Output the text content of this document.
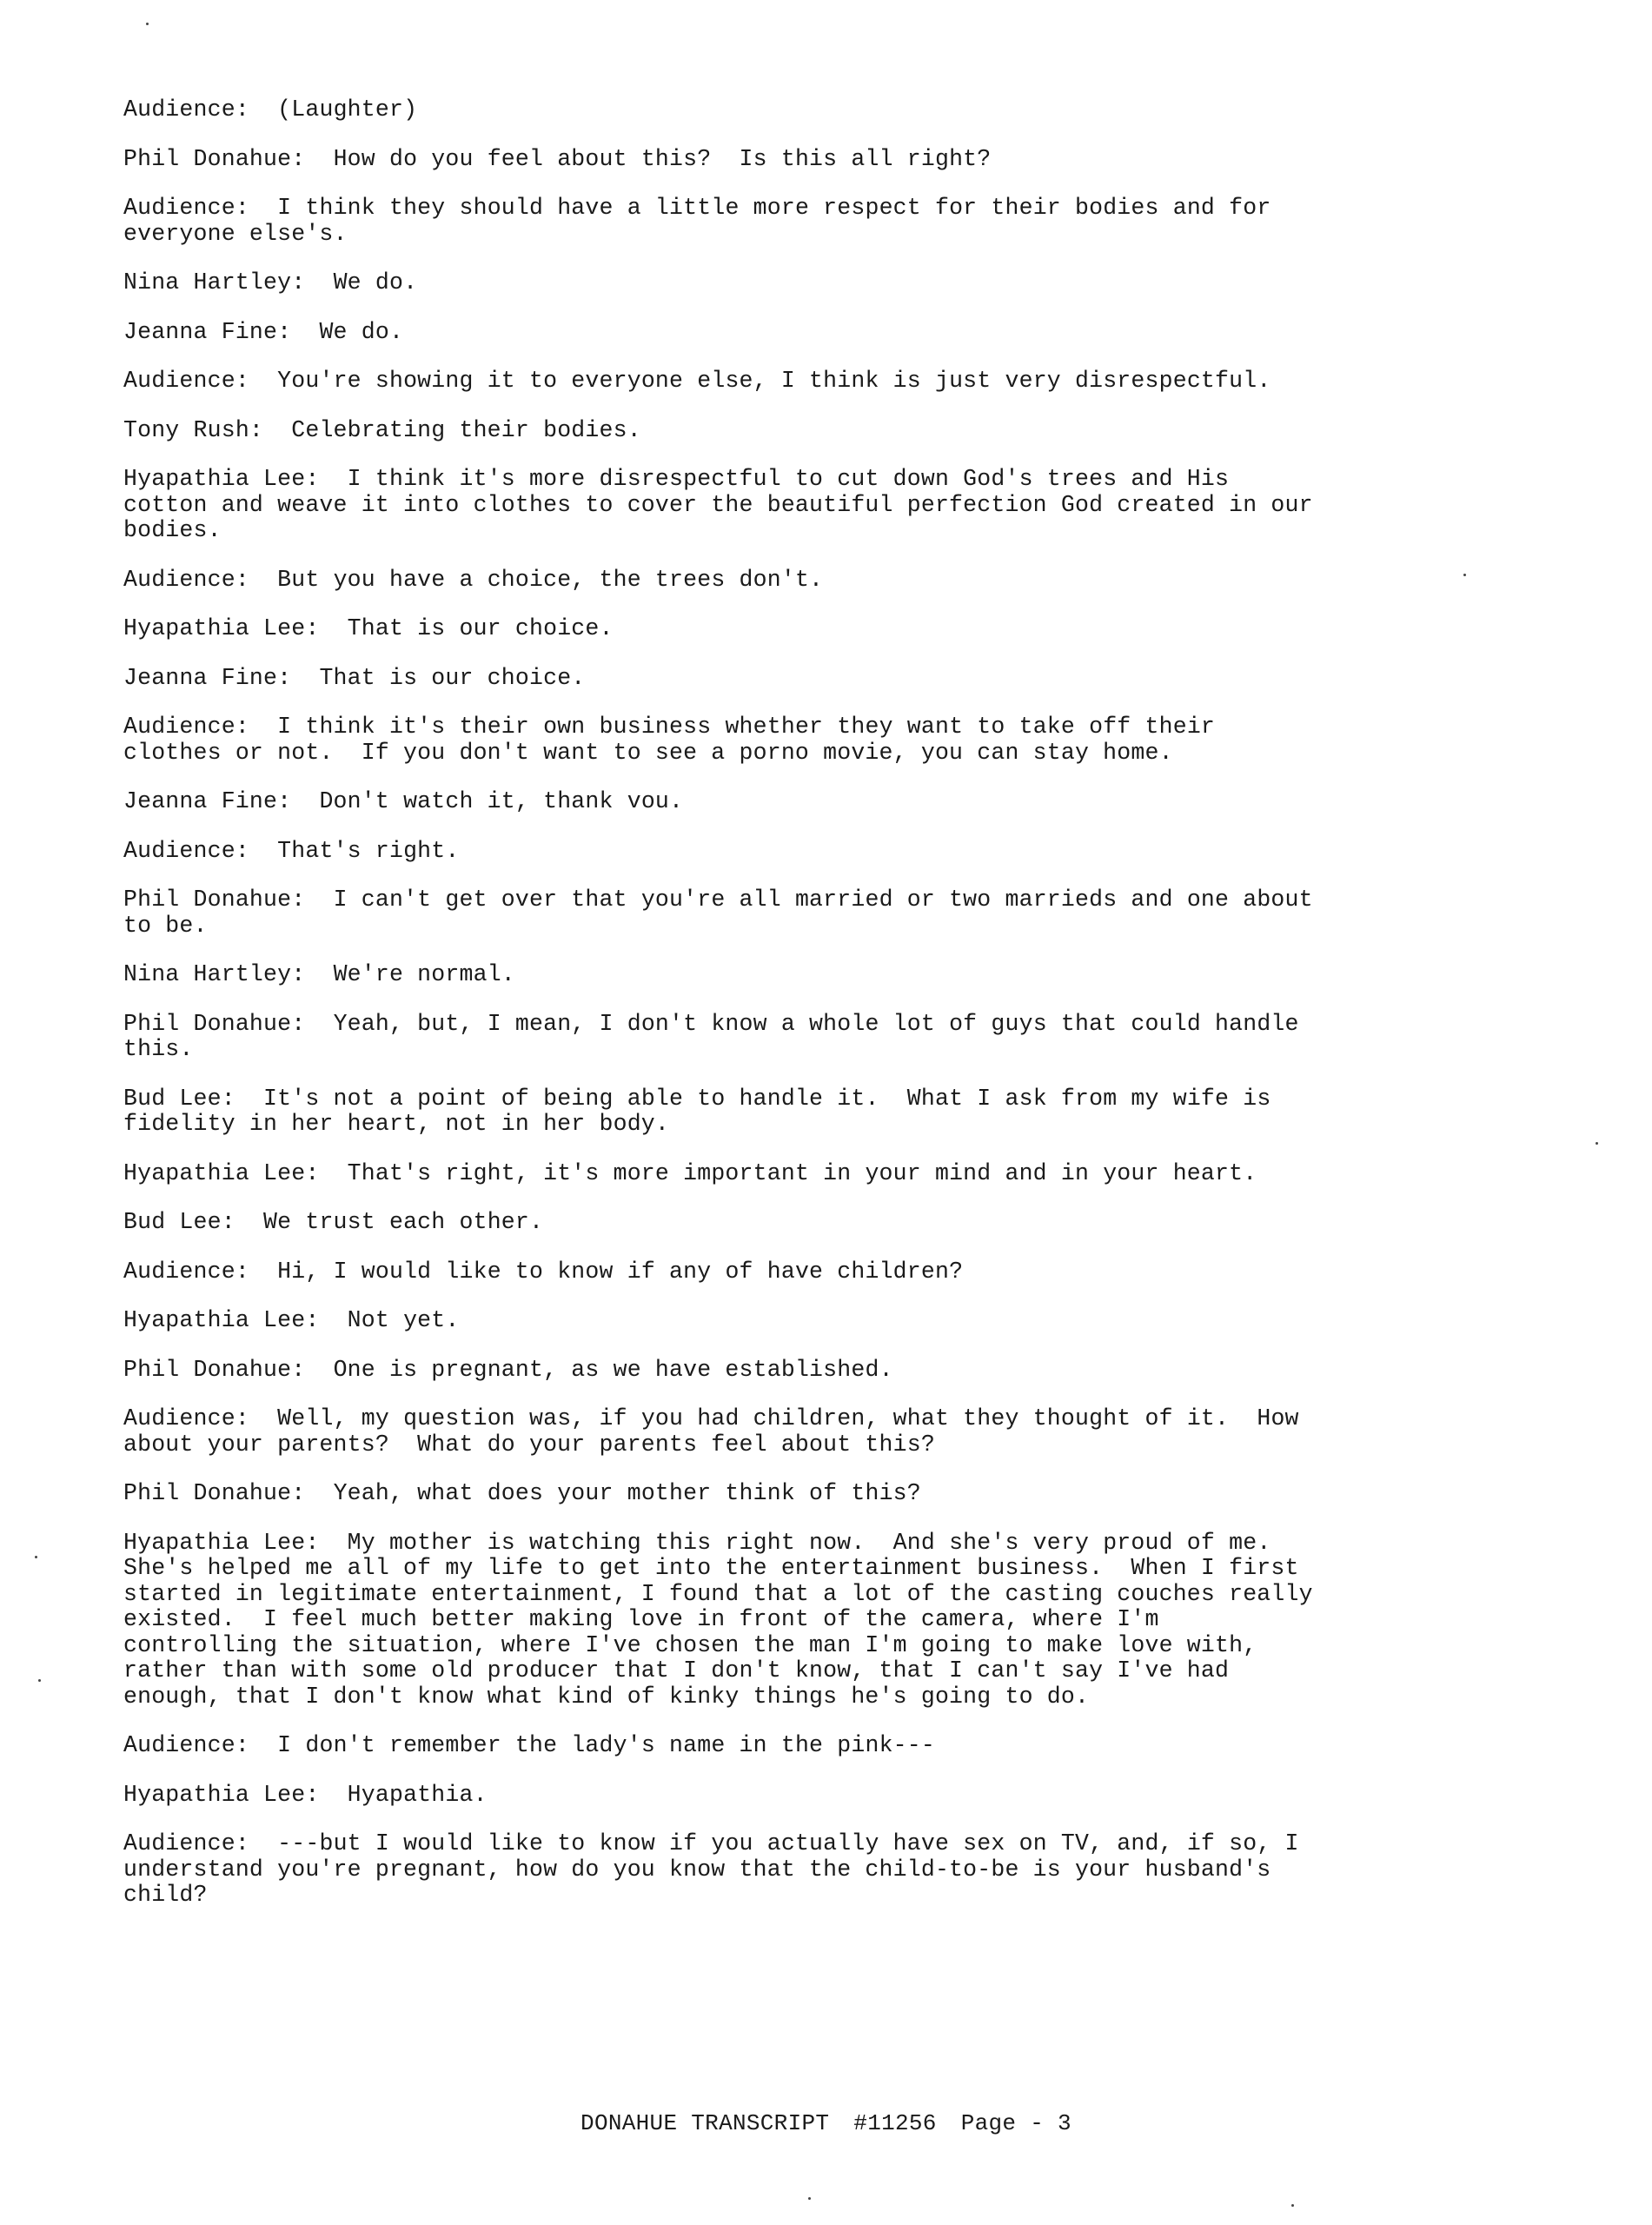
Audience: (Laughter)
Phil Donahue: How do you feel about this?  Is this all right?
Audience: I think they should have a little more respect for their bodies and for
everyone else's.
Nina Hartley: We do.
Jeanna Fine: We do.
Audience: You're showing it to everyone else, I think is just very disrespectful.
Tony Rush: Celebrating their bodies.
Hyapathia Lee: I think it's more disrespectful to cut down God's trees and His
cotton and weave it into clothes to cover the beautiful perfection God created in our
bodies.
Audience: But you have a choice, the trees don't.
Hyapathia Lee: That is our choice.
Jeanna Fine: That is our choice.
Audience: I think it's their own business whether they want to take off their
clothes or not.  If you don't want to see a porno movie, you can stay home.
Jeanna Fine: Don't watch it, thank vou.
Audience: That's right.
Phil Donahue: I can't get over that you're all married or two marrieds and one about
to be.
Nina Hartley: We're normal.
Phil Donahue: Yeah, but, I mean, I don't know a whole lot of guys that could handle
this.
Bud Lee: It's not a point of being able to handle it.  What I ask from my wife is
fidelity in her heart, not in her body.
Hyapathia Lee: That's right, it's more important in your mind and in your heart.
Bud Lee: We trust each other.
Audience: Hi, I would like to know if any of have children?
Hyapathia Lee: Not yet.
Phil Donahue: One is pregnant, as we have established.
Audience: Well, my question was, if you had children, what they thought of it.  How
about your parents?  What do your parents feel about this?
Phil Donahue: Yeah, what does your mother think of this?
Hyapathia Lee: My mother is watching this right now.  And she's very proud of me.
She's helped me all of my life to get into the entertainment business.  When I first
started in legitimate entertainment, I found that a lot of the casting couches really
existed.  I feel much better making love in front of the camera, where I'm
controlling the situation, where I've chosen the man I'm going to make love with,
rather than with some old producer that I don't know, that I can't say I've had
enough, that I don't know what kind of kinky things he's going to do.
Audience: I don't remember the lady's name in the pink---
Hyapathia Lee: Hyapathia.
Audience: ---but I would like to know if you actually have sex on TV, and, if so, I
understand you're pregnant, how do you know that the child-to-be is your husband's
child?
DONAHUE TRANSCRIPT #11256 Page - 3
